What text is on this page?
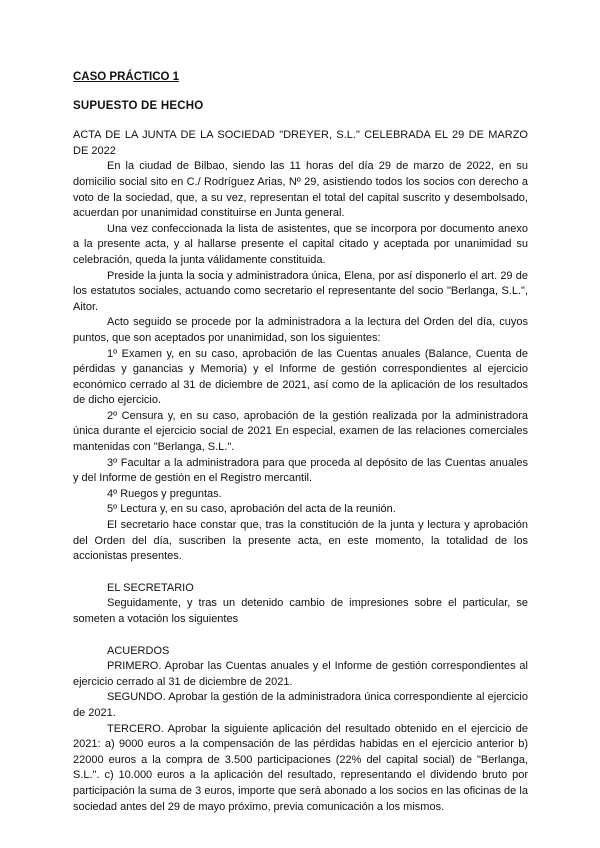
CASO PRÁCTICO 1

SUPUESTO DE HECHO

ACTA DE LA JUNTA DE LA SOCIEDAD "DREYER, S.L." CELEBRADA EL 29 DE MARZO DE 2022

En la ciudad de Bilbao, siendo las 11 horas del día 29 de marzo de 2022, en su domicilio social sito en C./ Rodríguez Arias, Nº 29, asistiendo todos los socios con derecho a voto de la sociedad, que, a su vez, representan el total del capital suscrito y desembolsado, acuerdan por unanimidad constituirse en Junta general.

Una vez confeccionada la lista de asistentes, que se incorpora por documento anexo a la presente acta, y al hallarse presente el capital citado y aceptada por unanimidad su celebración, queda la junta válidamente constituida.

Preside la junta la socia y administradora única, Elena, por así disponerlo el art. 29 de los estatutos sociales, actuando como secretario el representante del socio "Berlanga, S.L.", Aitor.

Acto seguido se procede por la administradora a la lectura del Orden del día, cuyos puntos, que son aceptados por unanimidad, son los siguientes:

1º Examen y, en su caso, aprobación de las Cuentas anuales (Balance, Cuenta de pérdidas y ganancias y Memoria) y el Informe de gestión correspondientes al ejercicio económico cerrado al 31 de diciembre de 2021, así como de la aplicación de los resultados de dicho ejercicio.

2º Censura y, en su caso, aprobación de la gestión realizada por la administradora única durante el ejercicio social de 2021 En especial, examen de las relaciones comerciales mantenidas con "Berlanga, S.L.".

3º Facultar a la administradora para que proceda al depósito de las Cuentas anuales y del Informe de gestión en el Registro mercantil.

4º Ruegos y preguntas.

5º Lectura y, en su caso, aprobación del acta de la reunión.

El secretario hace constar que, tras la constitución de la junta y lectura y aprobación del Orden del día, suscriben la presente acta, en este momento, la totalidad de los accionistas presentes.

EL SECRETARIO

Seguidamente, y tras un detenido cambio de impresiones sobre el particular, se someten a votación los siguientes

ACUERDOS

PRIMERO. Aprobar las Cuentas anuales y el Informe de gestión correspondientes al ejercicio cerrado al 31 de diciembre de 2021.

SEGUNDO. Aprobar la gestión de la administradora única correspondiente al ejercicio de 2021.

TERCERO. Aprobar la siguiente aplicación del resultado obtenido en el ejercicio de 2021: a) 9000 euros a la compensación de las pérdidas habidas en el ejercicio anterior b) 22000 euros a la compra de 3.500 participaciones (22% del capital social) de "Berlanga, S.L.". c) 10.000 euros a la aplicación del resultado, representando el dividendo bruto por participación la suma de 3 euros, importe que será abonado a los socios en las oficinas de la sociedad antes del 29 de mayo próximo, previa comunicación a los mismos.
